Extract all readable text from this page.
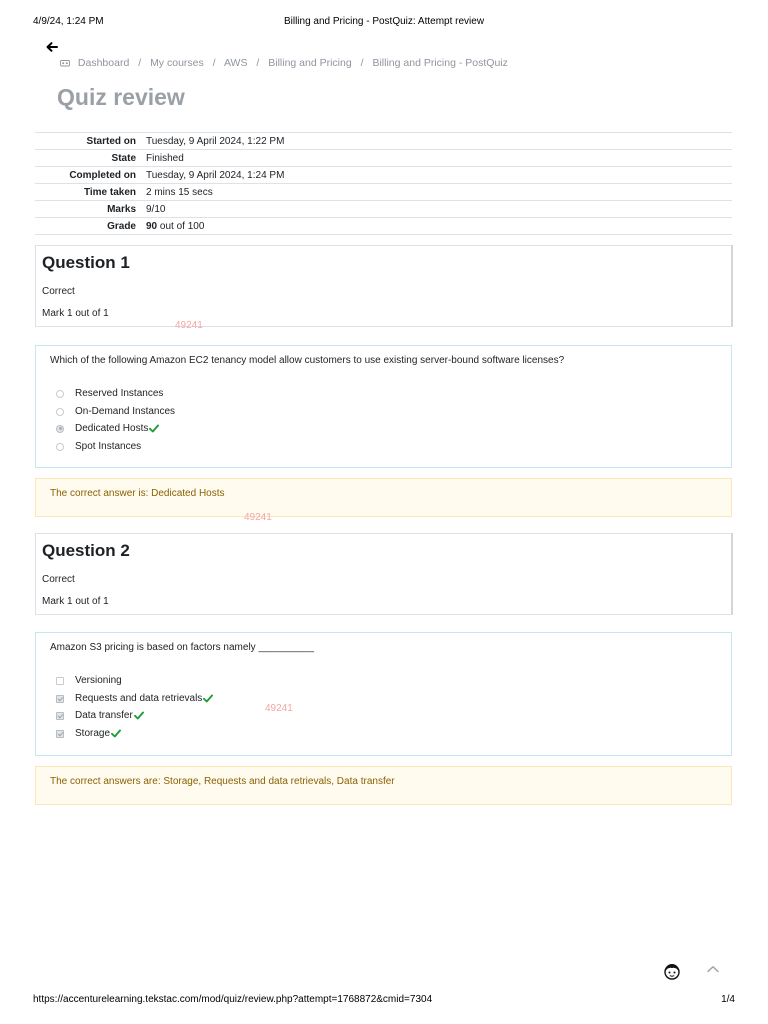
4/9/24, 1:24 PM	Billing and Pricing - PostQuiz: Attempt review
Dashboard / My courses / AWS / Billing and Pricing / Billing and Pricing - PostQuiz
Quiz review
Started on	Tuesday, 9 April 2024, 1:22 PM
State	Finished
Completed on	Tuesday, 9 April 2024, 1:24 PM
Time taken	2 mins 15 secs
Marks	9/10
Grade	90 out of 100
Question 1
Correct
Mark 1 out of 1
49241
Which of the following Amazon EC2 tenancy model allow customers to use existing server-bound software licenses?
Reserved Instances
On-Demand Instances
Dedicated Hosts
Spot Instances
The correct answer is: Dedicated Hosts
49241
Question 2
Correct
Mark 1 out of 1
Amazon S3 pricing is based on factors namely __________
Versioning
Requests and data retrievals
Data transfer
Storage
49241
The correct answers are: Storage, Requests and data retrievals, Data transfer
https://accenturelearning.tekstac.com/mod/quiz/review.php?attempt=1768872&cmid=7304	1/4
